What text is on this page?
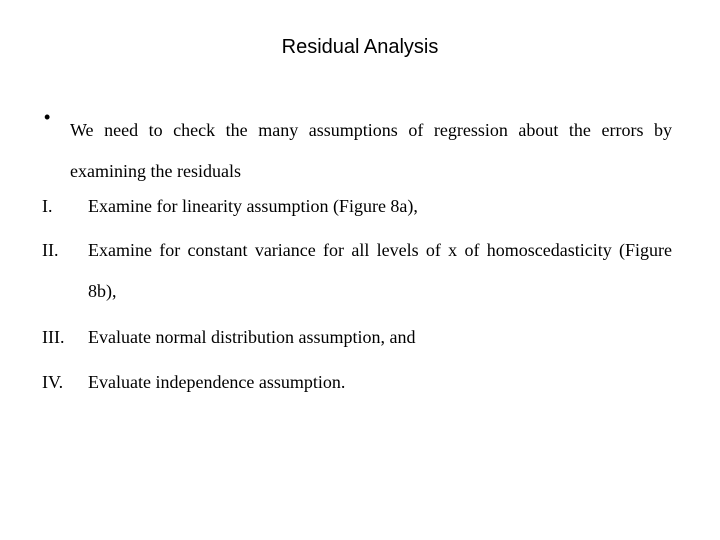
Residual Analysis
•
We need to check the many assumptions of regression about the errors by examining the residuals
I. Examine for linearity assumption (Figure 8a),
II. Examine for constant variance for all levels of x of homoscedasticity (Figure 8b),
III. Evaluate normal distribution assumption, and
IV. Evaluate independence assumption.
